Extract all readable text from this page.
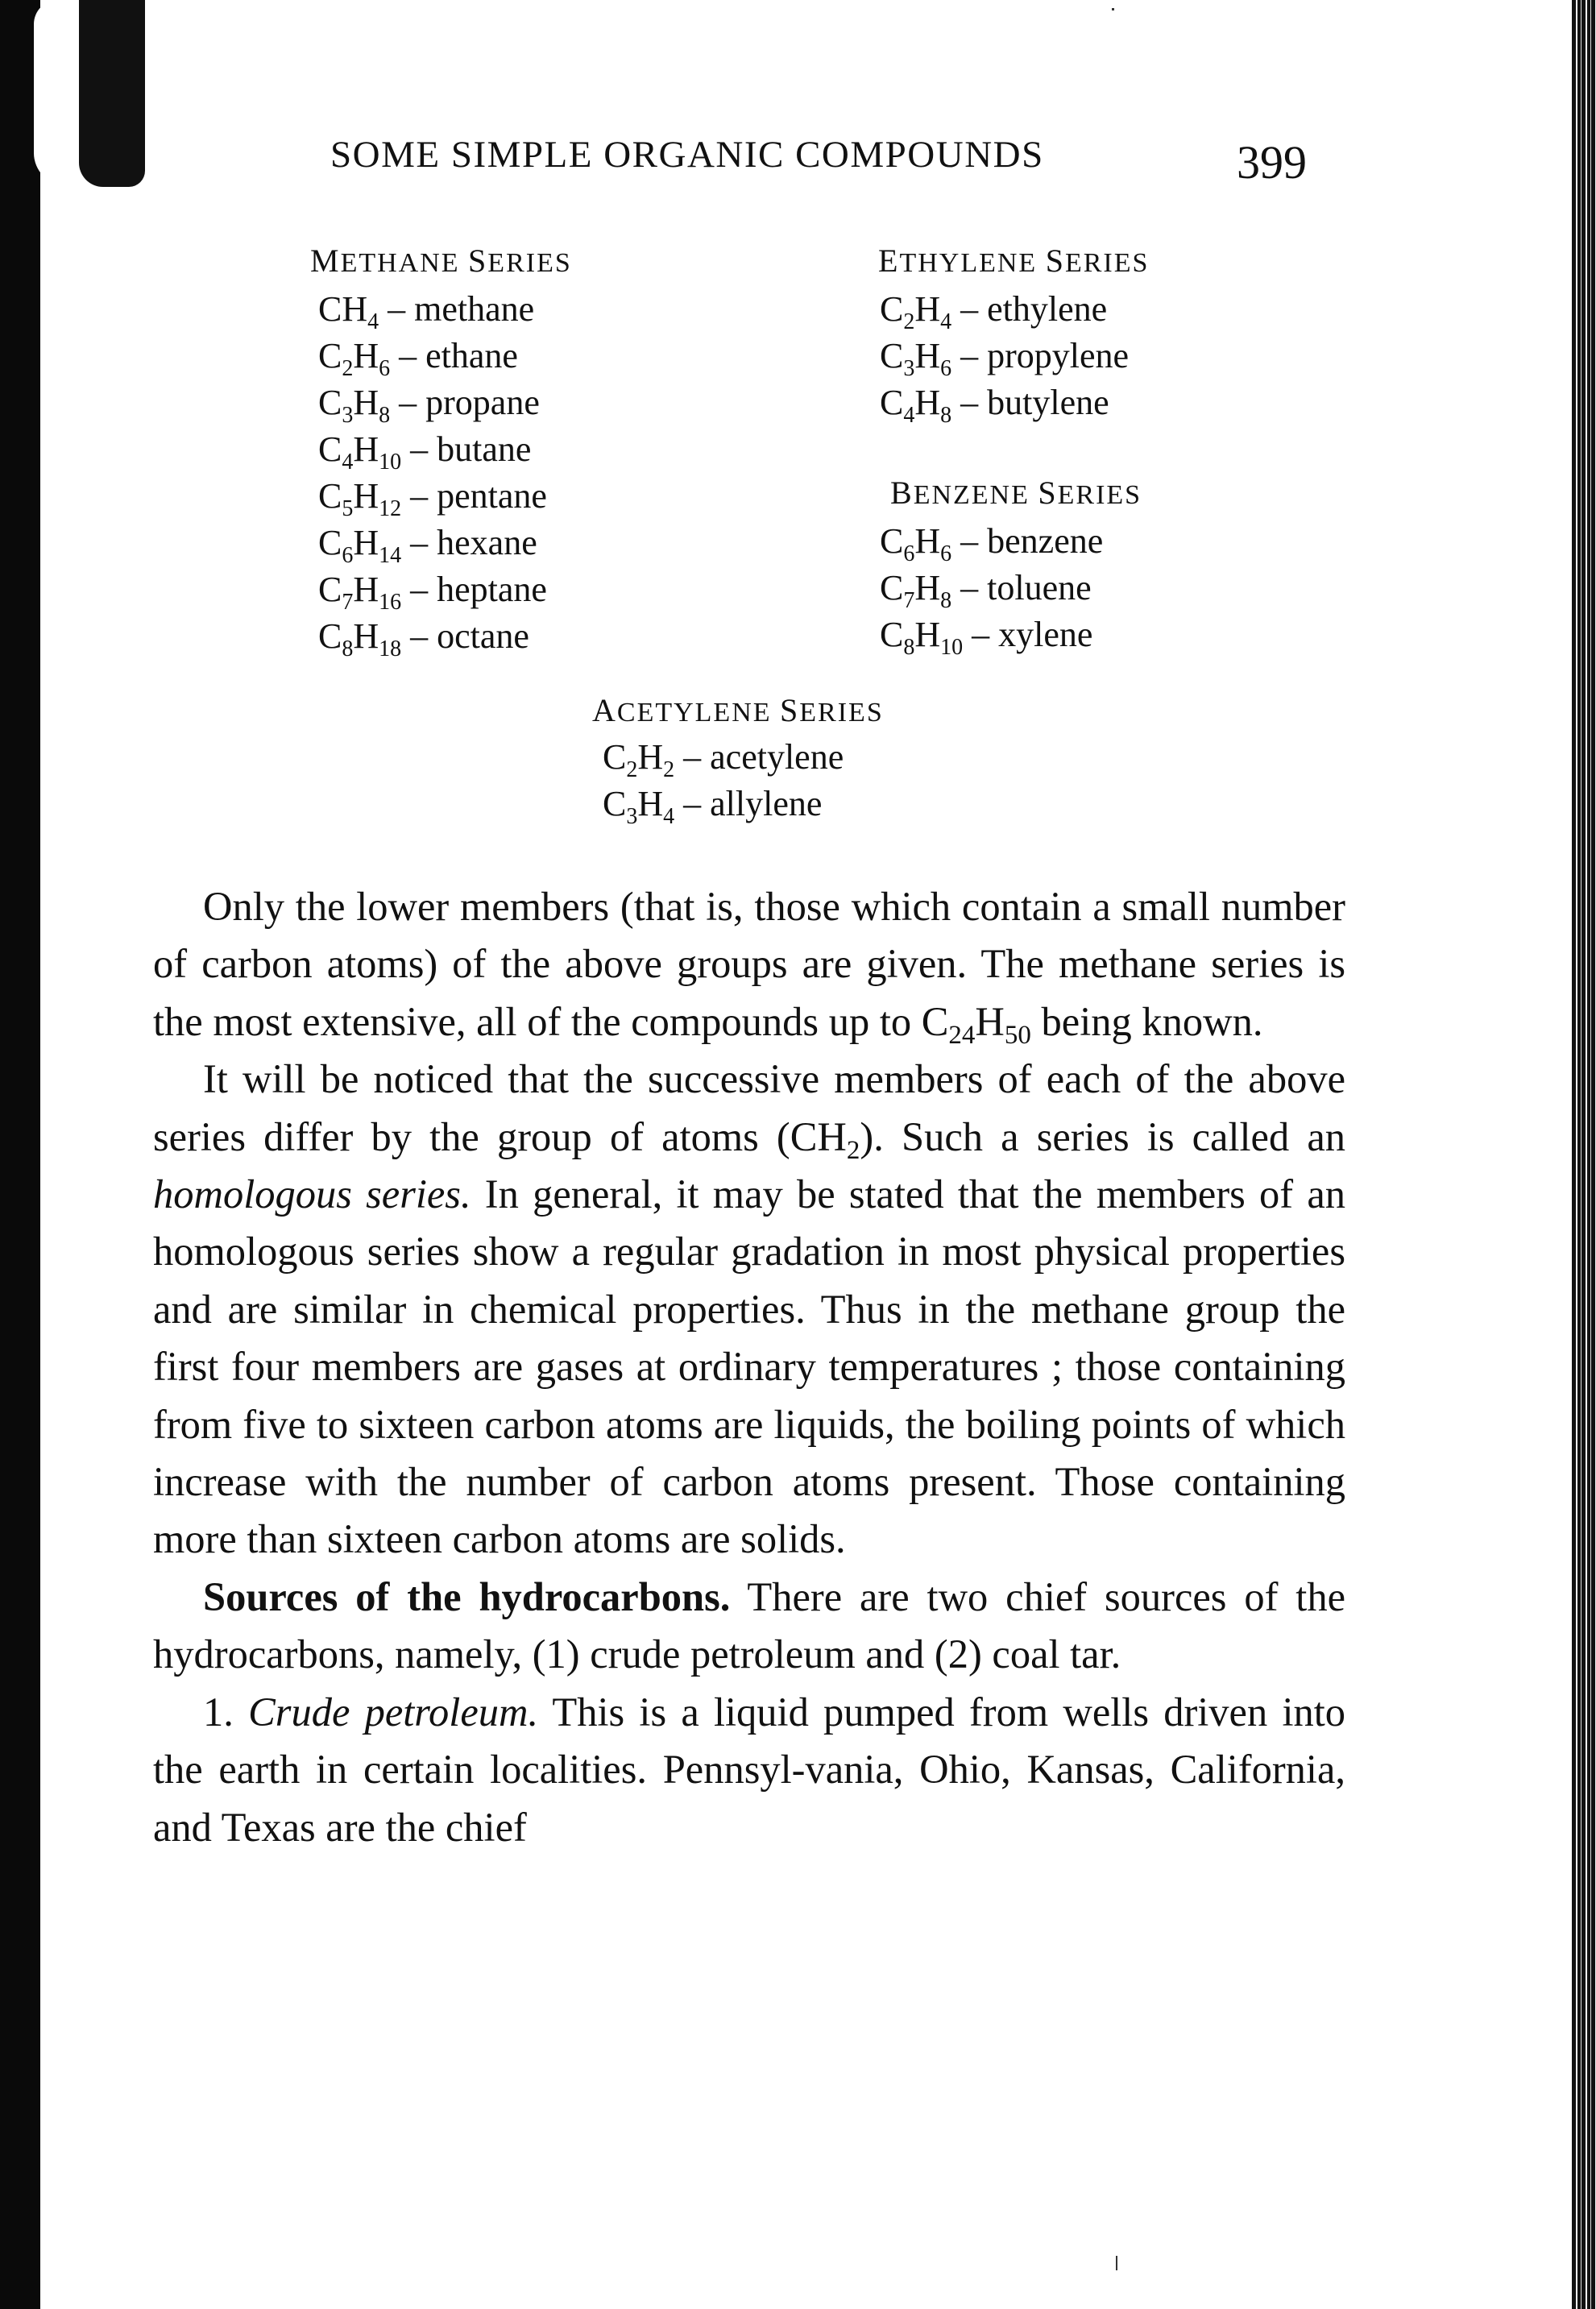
SOME SIMPLE ORGANIC COMPOUNDS	399
METHANE SERIES	ETHYLENE SERIES
BENZENE SERIES
ACETYLENE SERIES
$CH_4$ – methane
$C_2H_6$ – ethane
$C_3H_8$ – propane
$C_4H_{10}$ – butane
$C_5H_{12}$ – pentane
$C_6H_{14}$ – hexane
$C_7H_{16}$ – heptane
$C_8H_{18}$ – octane
$C_2H_4$ – ethylene
$C_3H_6$ – propylene
$C_4H_8$ – butylene
$C_6H_6$ – benzene
$C_7H_8$ – toluene
$C_8H_{10}$ – xylene
$C_2H_2$ – acetylene
$C_3H_4$ – allylene

Only the lower members (that is, those which contain a small number of carbon atoms) of the above groups are given. The methane series is the most extensive, all of the compounds up to $C_{24}H_{50}$ being known.

It will be noticed that the successive members of each of the above series differ by the group of atoms $(CH_2)$. Such a series is called an homologous series. In general, it may be stated that the members of an homologous series show a regular gradation in most physical properties and are similar in chemical properties. Thus in the methane group the first four members are gases at ordinary temperatures ; those containing from five to sixteen carbon atoms are liquids, the boiling points of which increase with the number of carbon atoms present. Those containing more than sixteen carbon atoms are solids.

Sources of the hydrocarbons. There are two chief sources of the hydrocarbons, namely, (1) crude petroleum and (2) coal tar.

1. Crude petroleum. This is a liquid pumped from wells driven into the earth in certain localities. Pennsyl-vania, Ohio, Kansas, California, and Texas are the chief
